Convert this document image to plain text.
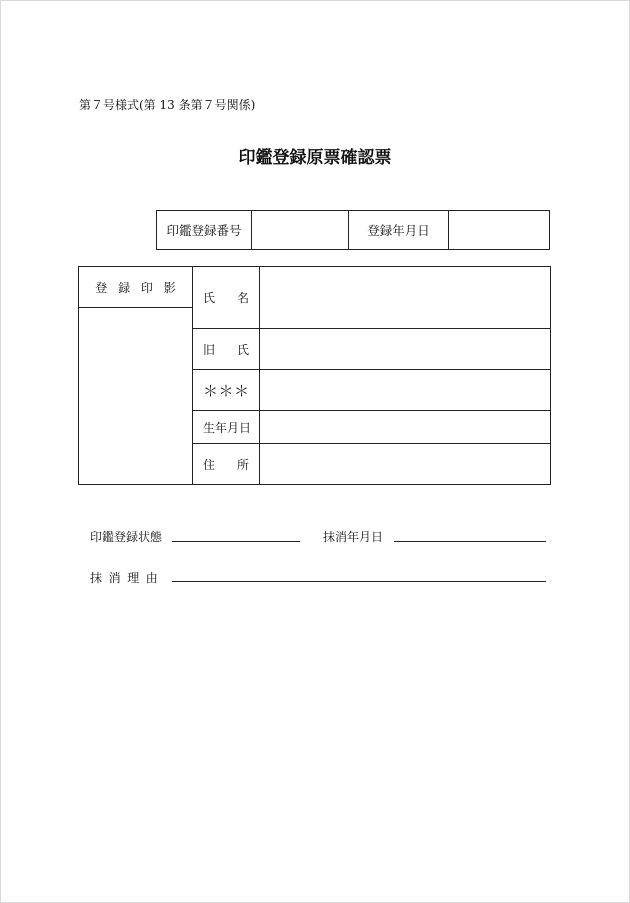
第７号様式(第 13 条第７号関係)
印鑑登録原票確認票
印鑑登録番号	登録年月日
登録印影
氏 名
旧 氏
＊ ＊ ＊
生年月日
住 所
印鑑登録状態	抹消年月日
抹消理由
